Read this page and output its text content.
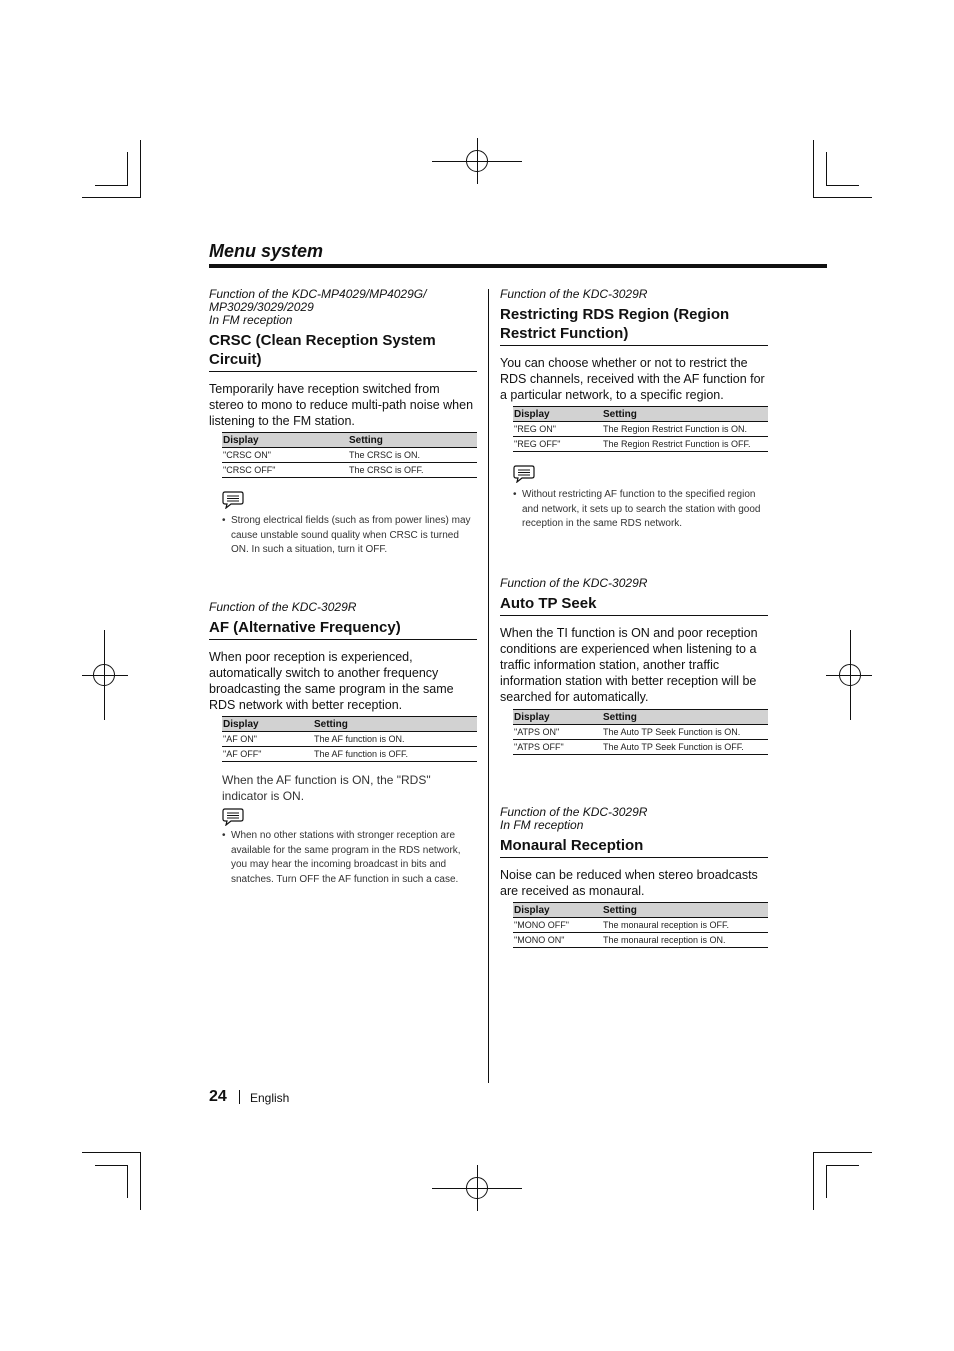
Menu system
Function of the KDC-MP4029/MP4029G/
MP3029/3029/2029
In FM reception
CRSC (Clean Reception System Circuit)
Temporarily have reception switched from stereo to mono to reduce multi-path noise when listening to the FM station.
Display	Setting
"CRSC ON"	The CRSC is ON.
"CRSC OFF"	The CRSC is OFF.
• Strong electrical fields (such as from power lines) may cause unstable sound quality when CRSC is turned ON. In such a situation, turn it OFF.
Function of the KDC-3029R
AF (Alternative Frequency)
When poor reception is experienced, automatically switch to another frequency broadcasting the same program in the same RDS network with better reception.
Display	Setting
"AF ON"	The AF function is ON.
"AF OFF"	The AF function is OFF.
When the AF function is ON, the "RDS" indicator is ON.
• When no other stations with stronger reception are available for the same program in the RDS network, you may hear the incoming broadcast in bits and snatches. Turn OFF the AF function in such a case.
Function of the KDC-3029R
Restricting RDS Region (Region Restrict Function)
You can choose whether or not to restrict the RDS channels, received with the AF function for a particular network, to a specific region.
Display	Setting
"REG ON"	The Region Restrict Function is ON.
"REG OFF"	The Region Restrict Function is OFF.
• Without restricting AF function to the specified region and network, it sets up to search the station with good reception in the same RDS network.
Function of the KDC-3029R
Auto TP Seek
When the TI function is ON and poor reception conditions are experienced when listening to a traffic information station, another traffic information station with better reception will be searched for automatically.
Display	Setting
"ATPS ON"	The Auto TP Seek Function is ON.
"ATPS OFF"	The Auto TP Seek Function is OFF.
Function of the KDC-3029R
In FM reception
Monaural Reception
Noise can be reduced when stereo broadcasts are received as monaural.
Display	Setting
"MONO OFF"	The monaural reception is OFF.
"MONO ON"	The monaural reception is ON.
24 English
